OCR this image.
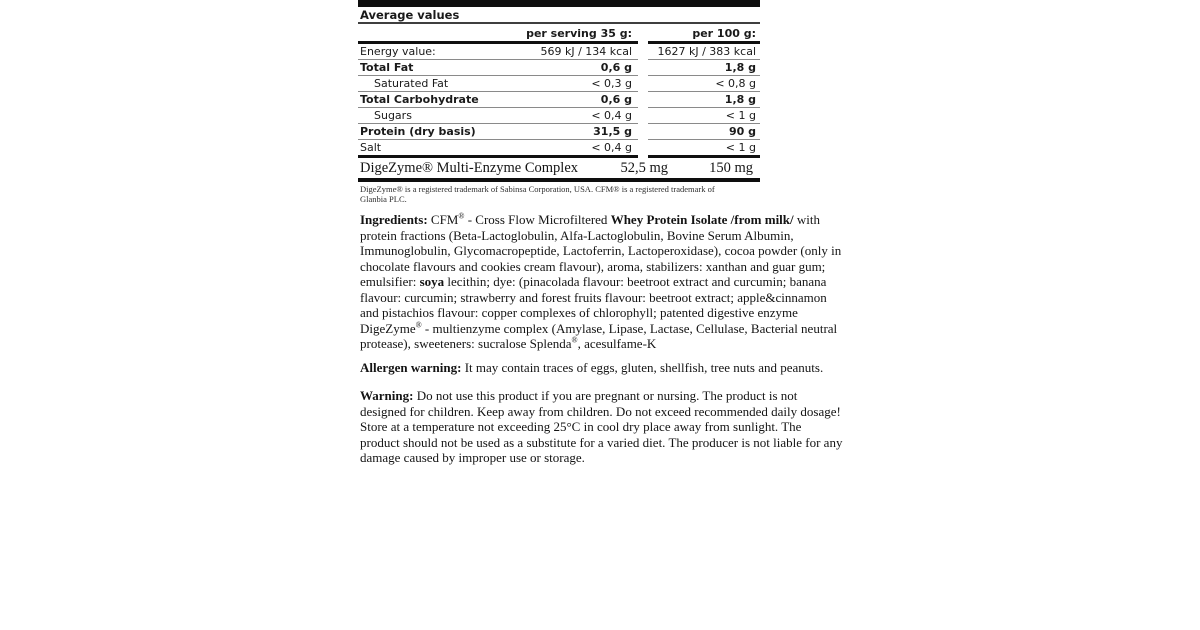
Average values
per serving 35 g:	per 100 g:
Energy value:	569 kJ / 134 kcal	1627 kJ / 383 kcal
Total Fat	0,6 g	1,8 g
Saturated Fat	< 0,3 g	< 0,8 g
Total Carbohydrate	0,6 g	1,8 g
Sugars	< 0,4 g	< 1 g
Protein (dry basis)	31,5 g	90 g
Salt	< 0,4 g	< 1 g
DigeZyme® Multi-Enzyme Complex	52,5 mg	150 mg
DigeZyme® is a registered trademark of Sabinsa Corporation, USA. CFM® is a registered trademark of Glanbia PLC.

Ingredients: CFM® - Cross Flow Microfiltered Whey Protein Isolate /from milk/ with protein fractions (Beta-Lactoglobulin, Alfa-Lactoglobulin, Bovine Serum Albumin, Immunoglobulin, Glycomacropeptide, Lactoferrin, Lactoperoxidase), cocoa powder (only in chocolate flavours and cookies cream flavour), aroma, stabilizers: xanthan and guar gum; emulsifier: soya lecithin; dye: (pinacolada flavour: beetroot extract and curcumin; banana flavour: curcumin; strawberry and forest fruits flavour: beetroot extract; apple&cinnamon and pistachios flavour: copper complexes of chlorophyll; patented digestive enzyme DigeZyme® - multienzyme complex (Amylase, Lipase, Lactase, Cellulase, Bacterial neutral protease), sweeteners: sucralose Splenda®, acesulfame-K

Allergen warning: It may contain traces of eggs, gluten, shellfish, tree nuts and peanuts.

Warning: Do not use this product if you are pregnant or nursing. The product is not designed for children. Keep away from children. Do not exceed recommended daily dosage! Store at a temperature not exceeding 25°C in cool dry place away from sunlight. The product should not be used as a substitute for a varied diet. The producer is not liable for any damage caused by improper use or storage.
